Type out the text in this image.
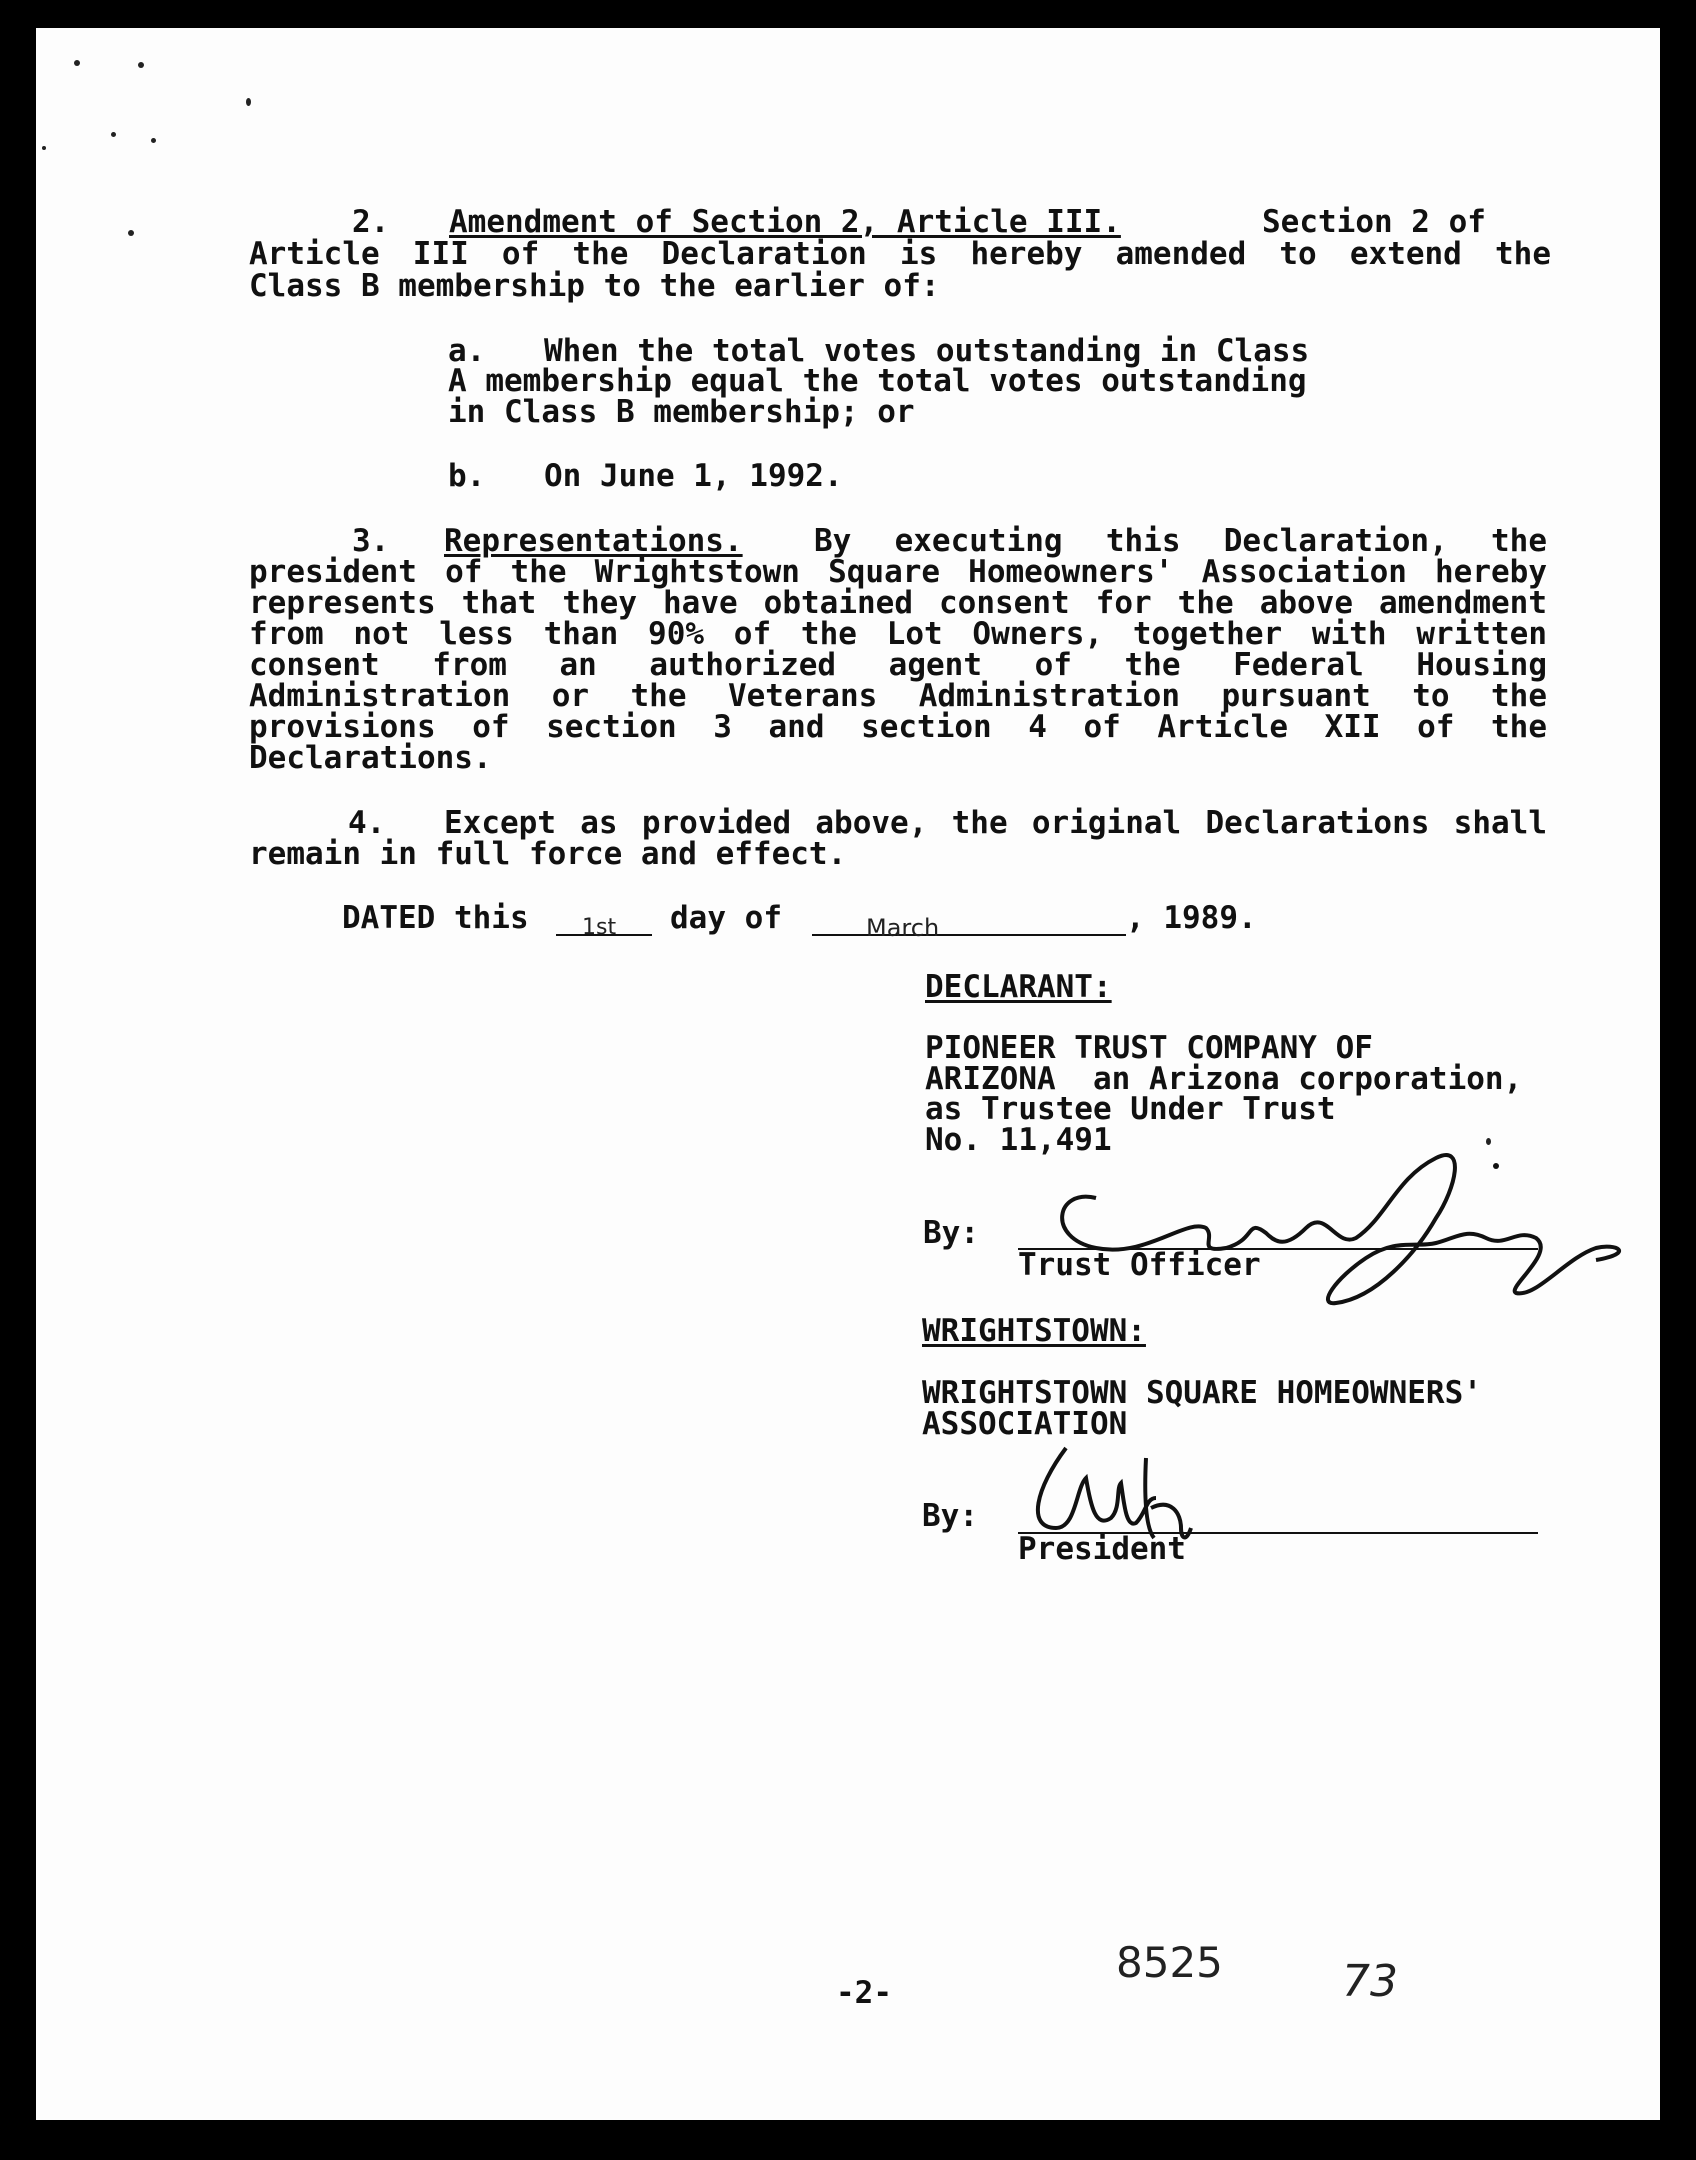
2. Amendment of Section 2, Article III.	Section 2 of
Article III of the Declaration is hereby amended to extend the
Class B membership to the earlier of:
a. When the total votes outstanding in Class
A membership equal the total votes outstanding
in Class B membership; or
b. On June 1, 1992.
3. Representations. By executing this Declaration, the
president of the Wrightstown Square Homeowners' Association hereby
represents that they have obtained consent for the above amendment
from not less than 90% of the Lot Owners, together with written
consent from an authorized agent of the Federal Housing
Administration or the Veterans Administration pursuant to the
provisions of section 3 and section 4 of Article XII of the
Declarations.
4. Except as provided above, the original Declarations shall
remain in full force and effect.
DATED this 1st day of	March	, 1989.
DECLARANT:
PIONEER TRUST COMPANY OF
ARIZONA  an Arizona corporation,
as Trustee Under Trust
No. 11,491
By:
Trust Officer
WRIGHTSTOWN:
WRIGHTSTOWN SQUARE HOMEOWNERS'
ASSOCIATION
By:
President
-2-
8525	73
